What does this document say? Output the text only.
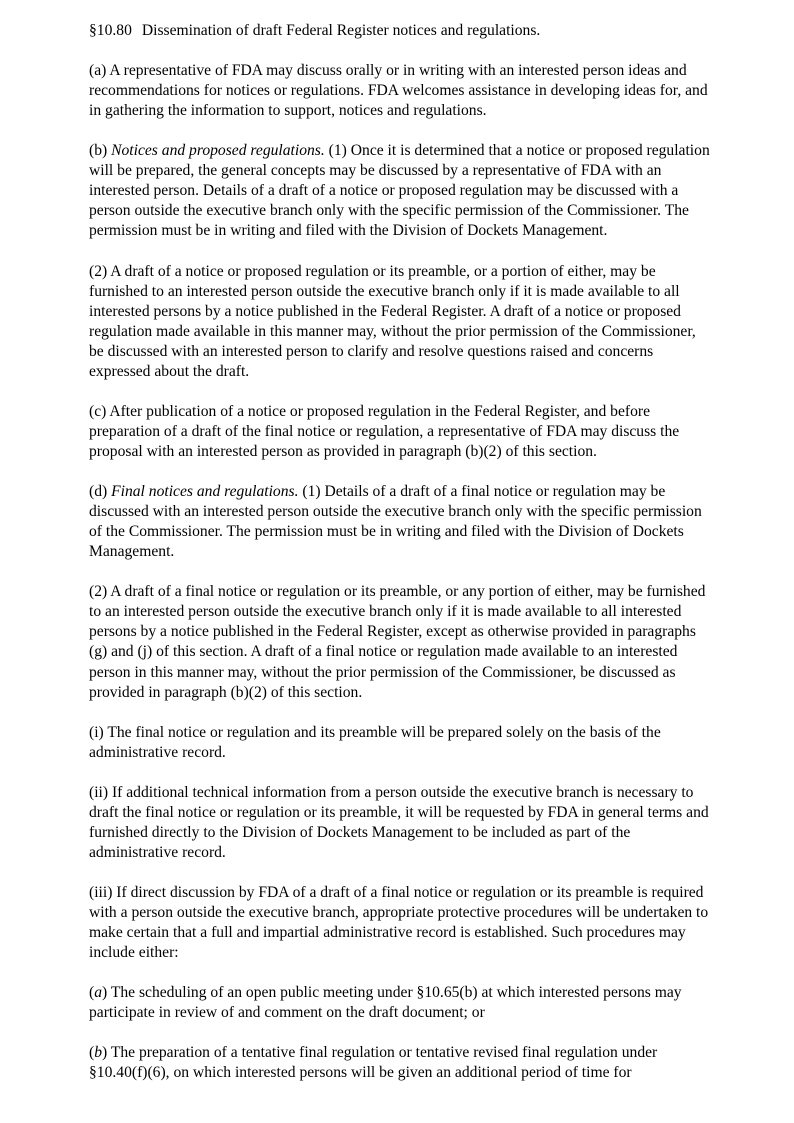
§10.80 Dissemination of draft Federal Register notices and regulations.

(a) A representative of FDA may discuss orally or in writing with an interested person ideas and recommendations for notices or regulations. FDA welcomes assistance in developing ideas for, and in gathering the information to support, notices and regulations.

(b) Notices and proposed regulations. (1) Once it is determined that a notice or proposed regulation will be prepared, the general concepts may be discussed by a representative of FDA with an interested person. Details of a draft of a notice or proposed regulation may be discussed with a person outside the executive branch only with the specific permission of the Commissioner. The permission must be in writing and filed with the Division of Dockets Management.

(2) A draft of a notice or proposed regulation or its preamble, or a portion of either, may be furnished to an interested person outside the executive branch only if it is made available to all interested persons by a notice published in the Federal Register. A draft of a notice or proposed regulation made available in this manner may, without the prior permission of the Commissioner, be discussed with an interested person to clarify and resolve questions raised and concerns expressed about the draft.

(c) After publication of a notice or proposed regulation in the Federal Register, and before preparation of a draft of the final notice or regulation, a representative of FDA may discuss the proposal with an interested person as provided in paragraph (b)(2) of this section.

(d) Final notices and regulations. (1) Details of a draft of a final notice or regulation may be discussed with an interested person outside the executive branch only with the specific permission of the Commissioner. The permission must be in writing and filed with the Division of Dockets Management.

(2) A draft of a final notice or regulation or its preamble, or any portion of either, may be furnished to an interested person outside the executive branch only if it is made available to all interested persons by a notice published in the Federal Register, except as otherwise provided in paragraphs (g) and (j) of this section. A draft of a final notice or regulation made available to an interested person in this manner may, without the prior permission of the Commissioner, be discussed as provided in paragraph (b)(2) of this section.

(i) The final notice or regulation and its preamble will be prepared solely on the basis of the administrative record.

(ii) If additional technical information from a person outside the executive branch is necessary to draft the final notice or regulation or its preamble, it will be requested by FDA in general terms and furnished directly to the Division of Dockets Management to be included as part of the administrative record.

(iii) If direct discussion by FDA of a draft of a final notice or regulation or its preamble is required with a person outside the executive branch, appropriate protective procedures will be undertaken to make certain that a full and impartial administrative record is established. Such procedures may include either:

(a) The scheduling of an open public meeting under §10.65(b) at which interested persons may participate in review of and comment on the draft document; or

(b) The preparation of a tentative final regulation or tentative revised final regulation under §10.40(f)(6), on which interested persons will be given an additional period of time for
